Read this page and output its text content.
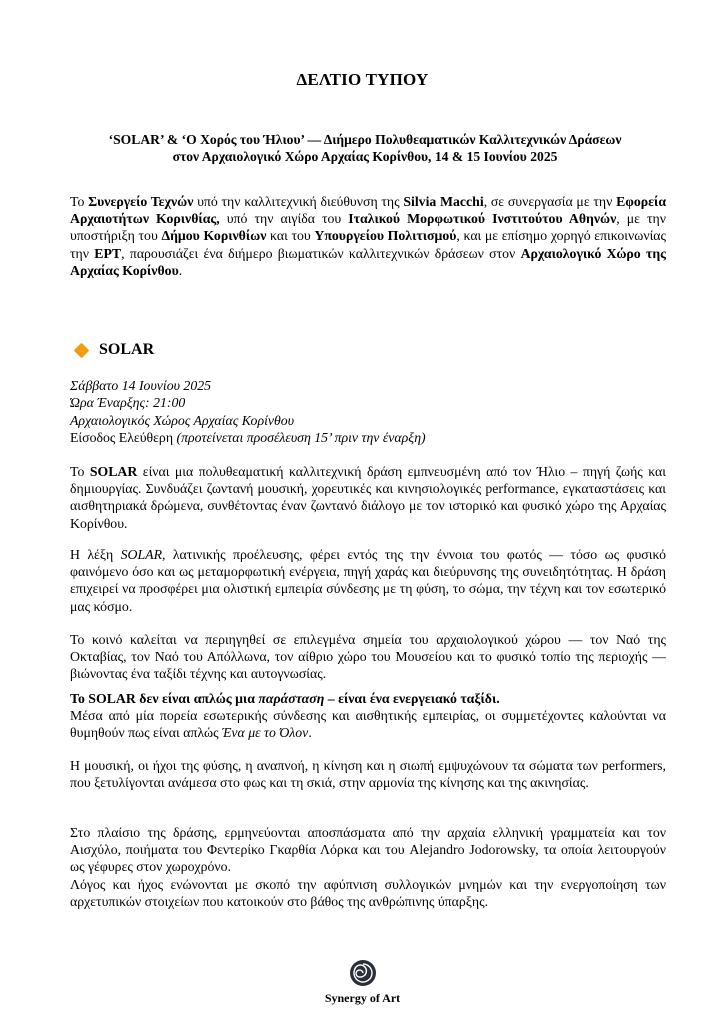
ΔΕΛΤΙΟ ΤΥΠΟΥ
‘SOLAR’ & ‘Ο Χορός του Ήλιου’ — Διήμερο Πολυθεαματικών Καλλιτεχνικών Δράσεων
στον Αρχαιολογικό Χώρο Αρχαίας Κορίνθου, 14 & 15 Ιουνίου 2025
Το Συνεργείο Τεχνών υπό την καλλιτεχνική διεύθυνση της Silvia Macchi, σε συνεργασία με την Εφορεία Αρχαιοτήτων Κορινθίας, υπό την αιγίδα του Ιταλικού Μορφωτικού Ινστιτούτου Αθηνών, με την υποστήριξη του Δήμου Κορινθίων και του Υπουργείου Πολιτισμού, και με επίσημο χορηγό επικοινωνίας την ΕΡΤ, παρουσιάζει ένα διήμερο βιωματικών καλλιτεχνικών δράσεων στον Αρχαιολογικό Χώρο της Αρχαίας Κορίνθου.
SOLAR
Σάββατο 14 Ιουνίου 2025
Ώρα Έναρξης: 21:00
Αρχαιολογικός Χώρος Αρχαίας Κορίνθου
Είσοδος Ελεύθερη (προτείνεται προσέλευση 15’ πριν την έναρξη)
Το SOLAR είναι μια πολυθεαματική καλλιτεχνική δράση εμπνευσμένη από τον Ήλιο – πηγή ζωής και δημιουργίας. Συνδυάζει ζωντανή μουσική, χορευτικές και κινησιολογικές performance, εγκαταστάσεις και αισθητηριακά δρώμενα, συνθέτοντας έναν ζωντανό διάλογο με τον ιστορικό και φυσικό χώρο της Αρχαίας Κορίνθου.
Η λέξη SOLAR, λατινικής προέλευσης, φέρει εντός της την έννοια του φωτός — τόσο ως φυσικό φαινόμενο όσο και ως μεταμορφωτική ενέργεια, πηγή χαράς και διεύρυνσης της συνειδητότητας. Η δράση επιχειρεί να προσφέρει μια ολιστική εμπειρία σύνδεσης με τη φύση, το σώμα, την τέχνη και τον εσωτερικό μας κόσμο.
Το κοινό καλείται να περιηγηθεί σε επιλεγμένα σημεία του αρχαιολογικού χώρου — τον Ναό της Οκταβίας, τον Ναό του Απόλλωνα, τον αίθριο χώρο του Μουσείου και το φυσικό τοπίο της περιοχής — βιώνοντας ένα ταξίδι τέχνης και αυτογνωσίας.
Το SOLAR δεν είναι απλώς μια παράσταση – είναι ένα ενεργειακό ταξίδι.
Μέσα από μία πορεία εσωτερικής σύνδεσης και αισθητικής εμπειρίας, οι συμμετέχοντες καλούνται να θυμηθούν πως είναι απλώς Ένα με το Όλον.
Η μουσική, οι ήχοι της φύσης, η αναπνοή, η κίνηση και η σιωπή εμψυχώνουν τα σώματα των performers, που ξετυλίγονται ανάμεσα στο φως και τη σκιά, στην αρμονία της κίνησης και της ακινησίας.
Στο πλαίσιο της δράσης, ερμηνεύονται αποσπάσματα από την αρχαία ελληνική γραμματεία και τον Αισχύλο, ποιήματα του Φεντερίκο Γκαρθία Λόρκα και του Alejandro Jodorowsky, τα οποία λειτουργούν ως γέφυρες στον χωροχρόνο.
Λόγος και ήχος ενώνονται με σκοπό την αφύπνιση συλλογικών μνημών και την ενεργοποίηση των αρχετυπικών στοιχείων που κατοικούν στο βάθος της ανθρώπινης ύπαρξης.
Synergy of Art
